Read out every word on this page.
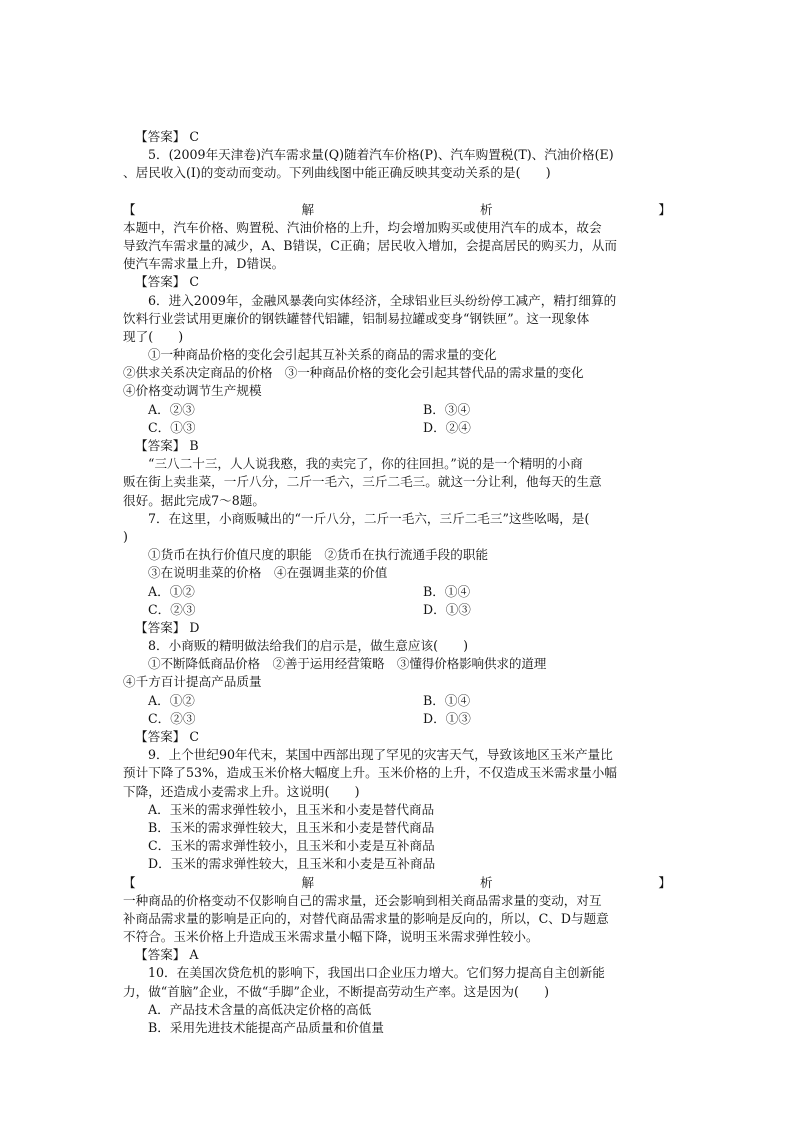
【答案】 C
5．(2009年天津卷)汽车需求量(Q)随着汽车价格(P)、汽车购置税(T)、汽油价格(E)
、居民收入(I)的变动而变动。下列曲线图中能正确反映其变动关系的是(　　)
【	解	析	】
本题中，汽车价格、购置税、汽油价格的上升，均会增加购买或使用汽车的成本，故会
导致汽车需求量的减少，A、B错误，C正确；居民收入增加，会提高居民的购买力，从而
使汽车需求量上升，D错误。
【答案】 C
6．进入2009年，金融风暴袭向实体经济，全球铝业巨头纷纷停工减产，精打细算的
饮料行业尝试用更廉价的钢铁罐替代铝罐，铝制易拉罐或变身“钢铁匣”。这一现象体
现了(　　)
①一种商品价格的变化会引起其互补关系的商品的需求量的变化
②供求关系决定商品的价格　③一种商品价格的变化会引起其替代品的需求量的变化
④价格变动调节生产规模
A．②③	B．③④
C．①③	D．②④
【答案】 B
“三八二十三，人人说我憨，我的卖完了，你的往回担。”说的是一个精明的小商
贩在街上卖韭菜，一斤八分，二斤一毛六，三斤二毛三。就这一分让利，他每天的生意
很好。据此完成7～8题。
7．在这里，小商贩喊出的“一斤八分，二斤一毛六，三斤二毛三”这些吆喝，是(
)
①货币在执行价值尺度的职能　②货币在执行流通手段的职能
③在说明韭菜的价格　④在强调韭菜的价值
A．①②	B．①④
C．②③	D．①③
【答案】 D
8．小商贩的精明做法给我们的启示是，做生意应该(　　)
①不断降低商品价格　②善于运用经营策略　③懂得价格影响供求的道理
④千方百计提高产品质量
A．①②	B．①④
C．②③	D．①③
【答案】 C
9．上个世纪90年代末，某国中西部出现了罕见的灾害天气，导致该地区玉米产量比
预计下降了53%，造成玉米价格大幅度上升。玉米价格的上升，不仅造成玉米需求量小幅
下降，还造成小麦需求上升。这说明(　　)
A．玉米的需求弹性较小，且玉米和小麦是替代商品
B．玉米的需求弹性较大，且玉米和小麦是替代商品
C．玉米的需求弹性较小，且玉米和小麦是互补商品
D．玉米的需求弹性较大，且玉米和小麦是互补商品
【	解	析	】
一种商品的价格变动不仅影响自己的需求量，还会影响到相关商品需求量的变动，对互
补商品需求量的影响是正向的，对替代商品需求量的影响是反向的，所以，C、D与题意
不符合。玉米价格上升造成玉米需求量小幅下降，说明玉米需求弹性较小。
【答案】 A
10．在美国次贷危机的影响下，我国出口企业压力增大。它们努力提高自主创新能
力，做“首脑”企业，不做“手脚”企业，不断提高劳动生产率。这是因为(　　)
A．产品技术含量的高低决定价格的高低
B．采用先进技术能提高产品质量和价值量
